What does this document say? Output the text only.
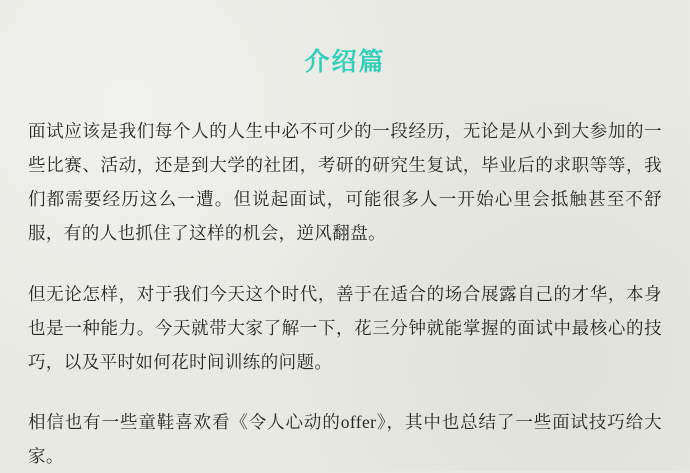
介绍篇

面试应该是我们每个人的人生中必不可少的一段经历，无论是从小到大参加的一些比赛、活动，还是到大学的社团，考研的研究生复试，毕业后的求职等等，我们都需要经历这么一遭。但说起面试，可能很多人一开始心里会抵触甚至不舒服，有的人也抓住了这样的机会，逆风翻盘。

但无论怎样，对于我们今天这个时代，善于在适合的场合展露自己的才华，本身也是一种能力。今天就带大家了解一下，花三分钟就能掌握的面试中最核心的技巧，以及平时如何花时间训练的问题。

相信也有一些童鞋喜欢看《令人心动的offer》，其中也总结了一些面试技巧给大家。
